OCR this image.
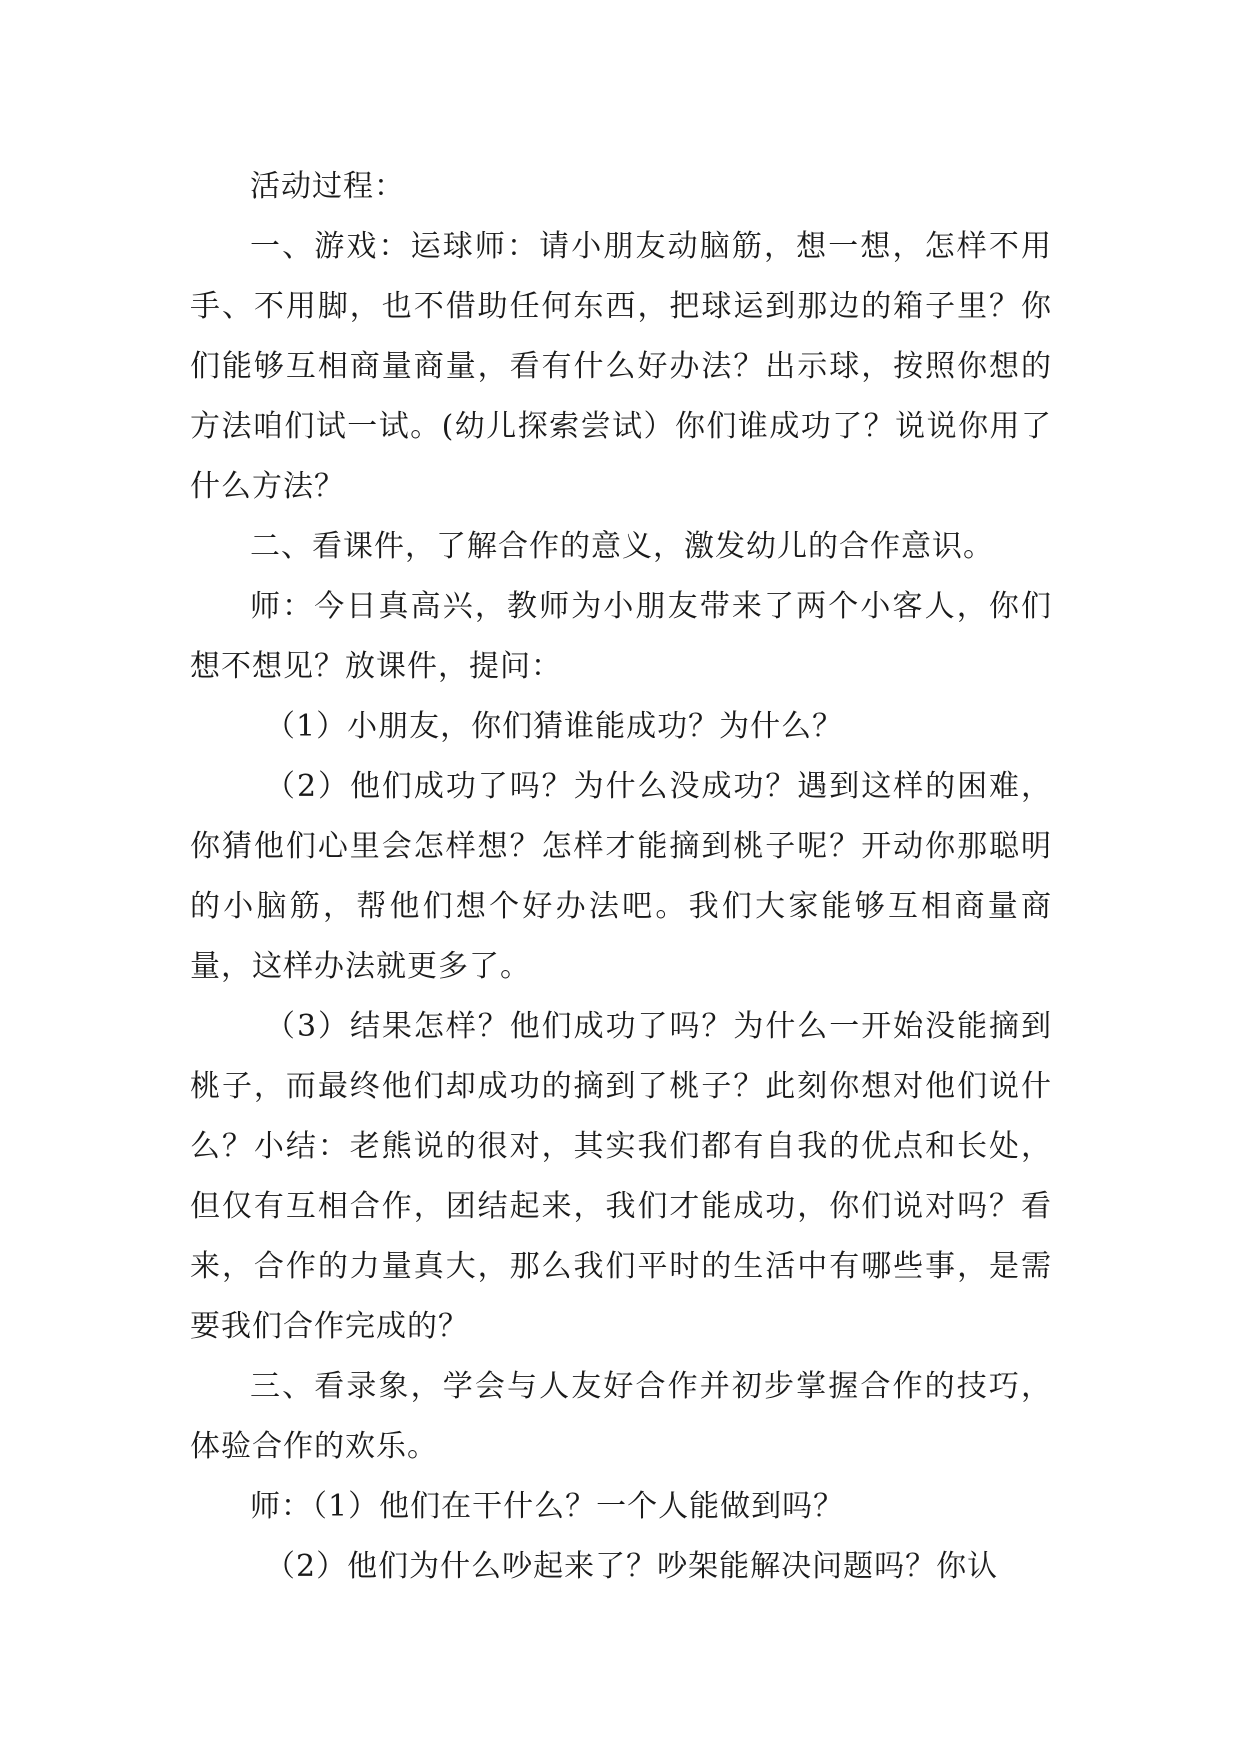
活动过程：

一、游戏：运球师：请小朋友动脑筋，想一想，怎样不用手、不用脚，也不借助任何东西，把球运到那边的箱子里？你们能够互相商量商量，看有什么好办法？出示球，按照你想的方法咱们试一试。(幼儿探索尝试）你们谁成功了？说说你用了什么方法？

二、看课件，了解合作的意义，激发幼儿的合作意识。

师：今日真高兴，教师为小朋友带来了两个小客人，你们想不想见？放课件，提问：

（1）小朋友，你们猜谁能成功？为什么？

（2）他们成功了吗？为什么没成功？遇到这样的困难，你猜他们心里会怎样想？怎样才能摘到桃子呢？开动你那聪明的小脑筋，帮他们想个好办法吧。我们大家能够互相商量商量，这样办法就更多了。

（3）结果怎样？他们成功了吗？为什么一开始没能摘到桃子，而最终他们却成功的摘到了桃子？此刻你想对他们说什么？小结：老熊说的很对，其实我们都有自我的优点和长处，但仅有互相合作，团结起来，我们才能成功，你们说对吗？看来，合作的力量真大，那么我们平时的生活中有哪些事，是需要我们合作完成的？

三、看录象，学会与人友好合作并初步掌握合作的技巧，体验合作的欢乐。

师：（1）他们在干什么？一个人能做到吗？

（2）他们为什么吵起来了？吵架能解决问题吗？你认
